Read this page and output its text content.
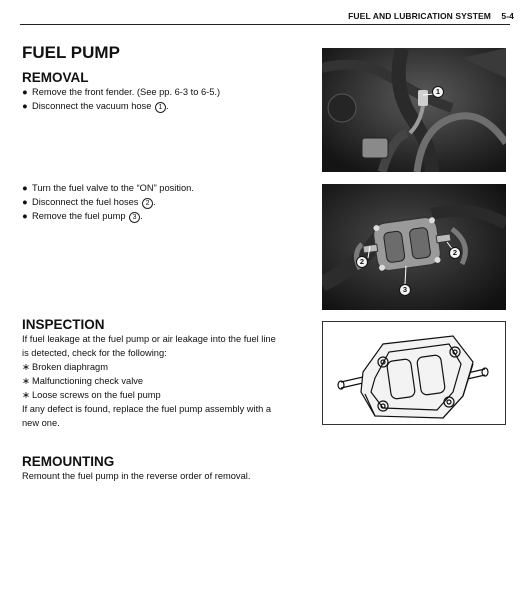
FUEL AND LUBRICATION SYSTEM 5-4
FUEL PUMP
REMOVAL
● Remove the front fender. (See pp. 6-3 to 6-5.)
● Disconnect the vacuum hose 1 .
● Turn the fuel valve to the “ON” position.
● Disconnect the fuel hoses 2 .
● Remove the fuel pump 3 .
INSPECTION
If fuel leakage at the fuel pump or air leakage into the fuel line
is detected, check for the following:
∗ Broken diaphragm
∗ Malfunctioning check valve
∗ Loose screws on the fuel pump
If any defect is found, replace the fuel pump assembly with a
new one.
REMOUNTING
Remount the fuel pump in the reverse order of removal.
1
2
2
3
